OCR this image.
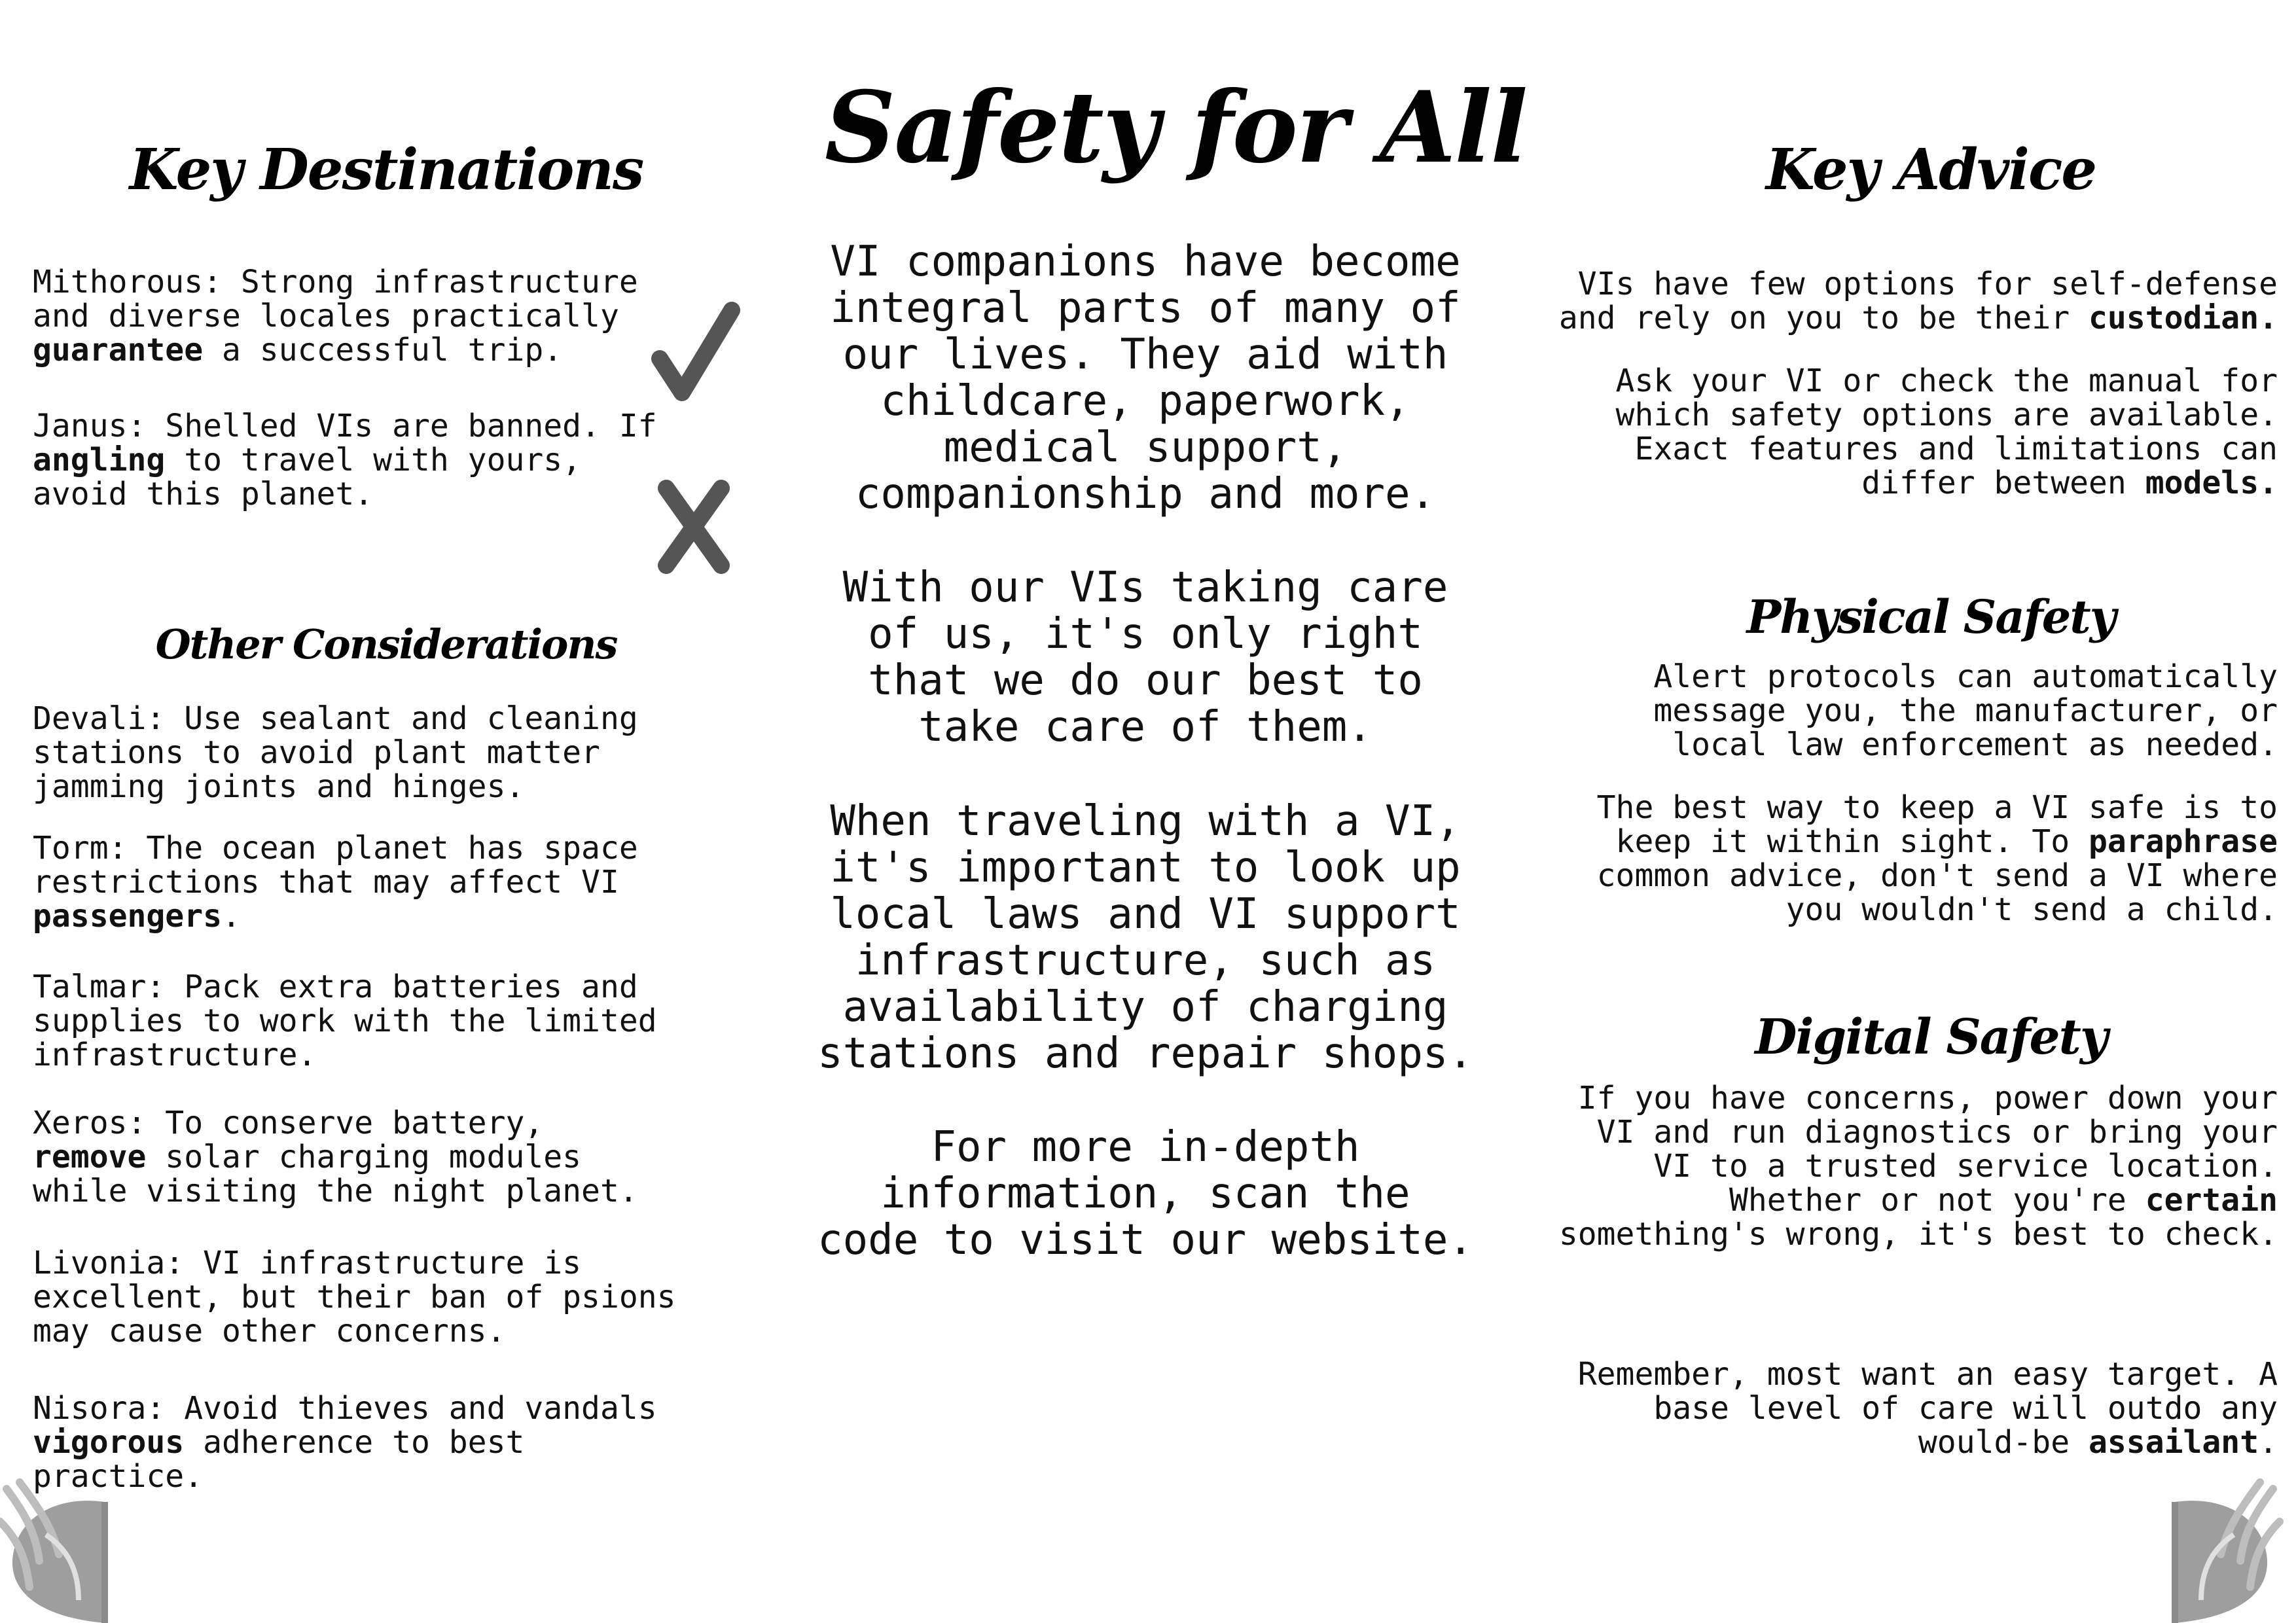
Safety for All
Key Destinations
Other Considerations

Mithorous: Strong infrastructure
and diverse locales practically
guarantee a successful trip.

Janus: Shelled VIs are banned. If
angling to travel with yours,
avoid this planet.

Devali: Use sealant and cleaning
stations to avoid plant matter
jamming joints and hinges.

Torm: The ocean planet has space
restrictions that may affect VI
passengers.

Talmar: Pack extra batteries and
supplies to work with the limited
infrastructure.

Xeros: To conserve battery,
remove solar charging modules
while visiting the night planet.

Livonia: VI infrastructure is
excellent, but their ban of psions
may cause other concerns.

Nisora: Avoid thieves and vandals
vigorous adherence to best practice.

VI companions have become
integral parts of many of
our lives. They aid with
childcare, paperwork,
medical support,
companionship and more.

With our VIs taking care
of us, it's only right
that we do our best to
take care of them.

When traveling with a VI,
it's important to look up
local laws and VI support
infrastructure, such as
availability of charging
stations and repair shops.

For more in-depth
information, scan the
code to visit our website.

Key Advice
Physical Safety
Digital Safety

VIs have few options for self-defense
and rely on you to be their custodian.

Ask your VI or check the manual for
which safety options are available.
Exact features and limitations can
differ between models.

Alert protocols can automatically
message you, the manufacturer, or
local law enforcement as needed.

The best way to keep a VI safe is to
keep it within sight. To paraphrase
common advice, don't send a VI where
you wouldn't send a child.

If you have concerns, power down your
VI and run diagnostics or bring your
VI to a trusted service location.
Whether or not you're certain
something's wrong, it's best to check.

Remember, most want an easy target. A
base level of care will outdo any
would-be assailant.
